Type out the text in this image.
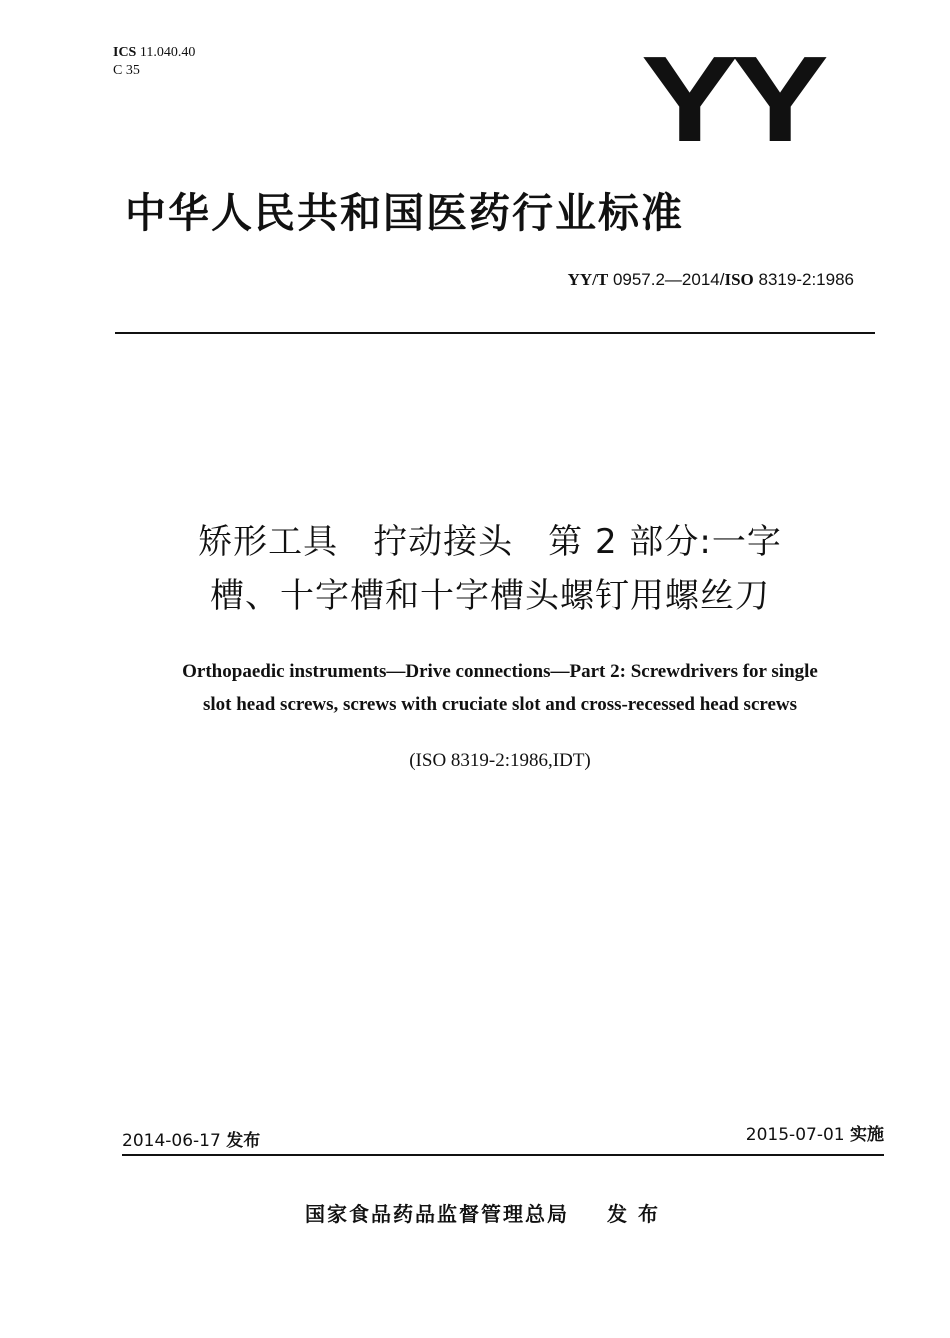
ICS 11.040.40
C 35	YY
中华人民共和国医药行业标准
YY/T 0957.2—2014/ISO 8319-2:1986
矫形工具　拧动接头　第 2 部分:一字
槽、十字槽和十字槽头螺钉用螺丝刀
Orthopaedic instruments—Drive connections—Part 2: Screwdrivers for single
slot head screws, screws with cruciate slot and cross-recessed head screws
(ISO 8319-2:1986,IDT)
2014-06-17 发布	2015-07-01 实施
国家食品药品监督管理总局 发 布
